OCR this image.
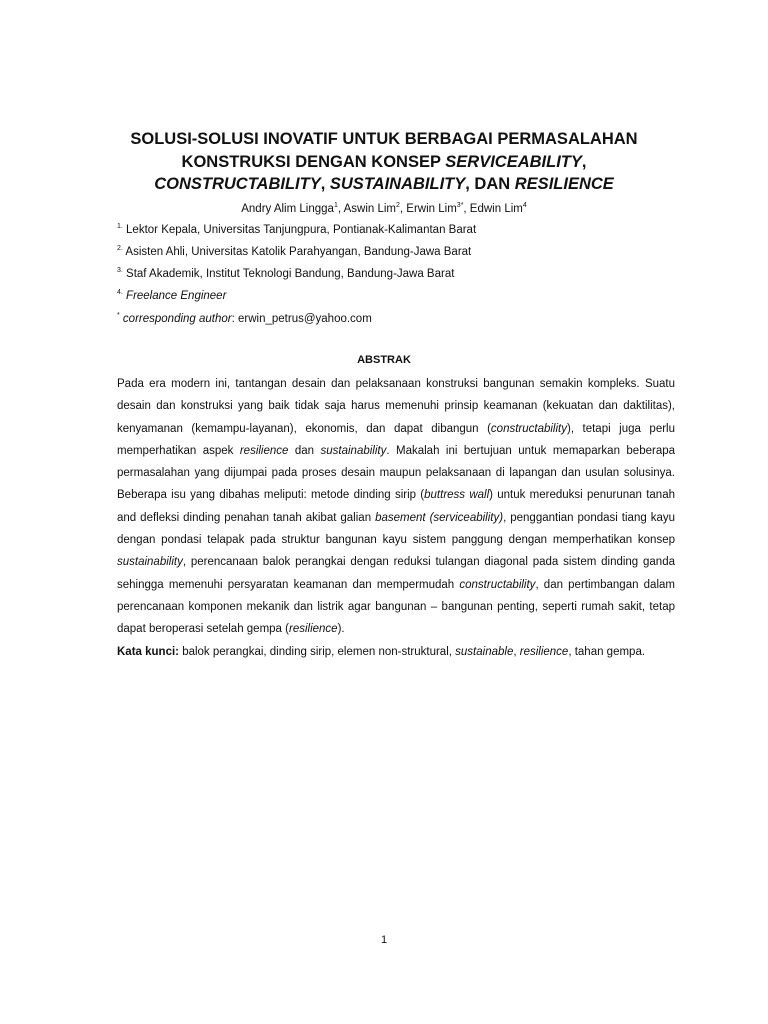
SOLUSI-SOLUSI INOVATIF UNTUK BERBAGAI PERMASALAHAN
KONSTRUKSI DENGAN KONSEP SERVICEABILITY,
CONSTRUCTABILITY, SUSTAINABILITY, DAN RESILIENCE
Andry Alim Lingga$^1$, Aswin Lim$^2$, Erwin Lim$^{3*}$, Edwin Lim$^4$
$^{1.}$ Lektor Kepala, Universitas Tanjungpura, Pontianak-Kalimantan Barat
$^{2.}$ Asisten Ahli, Universitas Katolik Parahyangan, Bandung-Jawa Barat
$^{3.}$ Staf Akademik, Institut Teknologi Bandung, Bandung-Jawa Barat
$^{4.}$ Freelance Engineer
* corresponding author: erwin_petrus@yahoo.com
ABSTRAK

Pada era modern ini, tantangan desain dan pelaksanaan konstruksi bangunan semakin kompleks. Suatu desain dan konstruksi yang baik tidak saja harus memenuhi prinsip keamanan (kekuatan dan daktilitas), kenyamanan (kemampu-layanan), ekonomis, dan dapat dibangun (constructability), tetapi juga perlu memperhatikan aspek resilience dan sustainability. Makalah ini bertujuan untuk memaparkan beberapa permasalahan yang dijumpai pada proses desain maupun pelaksanaan di lapangan dan usulan solusinya. Beberapa isu yang dibahas meliputi: metode dinding sirip (buttress wall) untuk mereduksi penurunan tanah and defleksi dinding penahan tanah akibat galian basement (serviceability), penggantian pondasi tiang kayu dengan pondasi telapak pada struktur bangunan kayu sistem panggung dengan memperhatikan konsep sustainability, perencanaan balok perangkai dengan reduksi tulangan diagonal pada sistem dinding ganda sehingga memenuhi persyaratan keamanan dan mempermudah constructability, dan pertimbangan dalam perencanaan komponen mekanik dan listrik agar bangunan – bangunan penting, seperti rumah sakit, tetap dapat beroperasi setelah gempa (resilience).

Kata kunci: balok perangkai, dinding sirip, elemen non-struktural, sustainable, resilience, tahan gempa.

1
